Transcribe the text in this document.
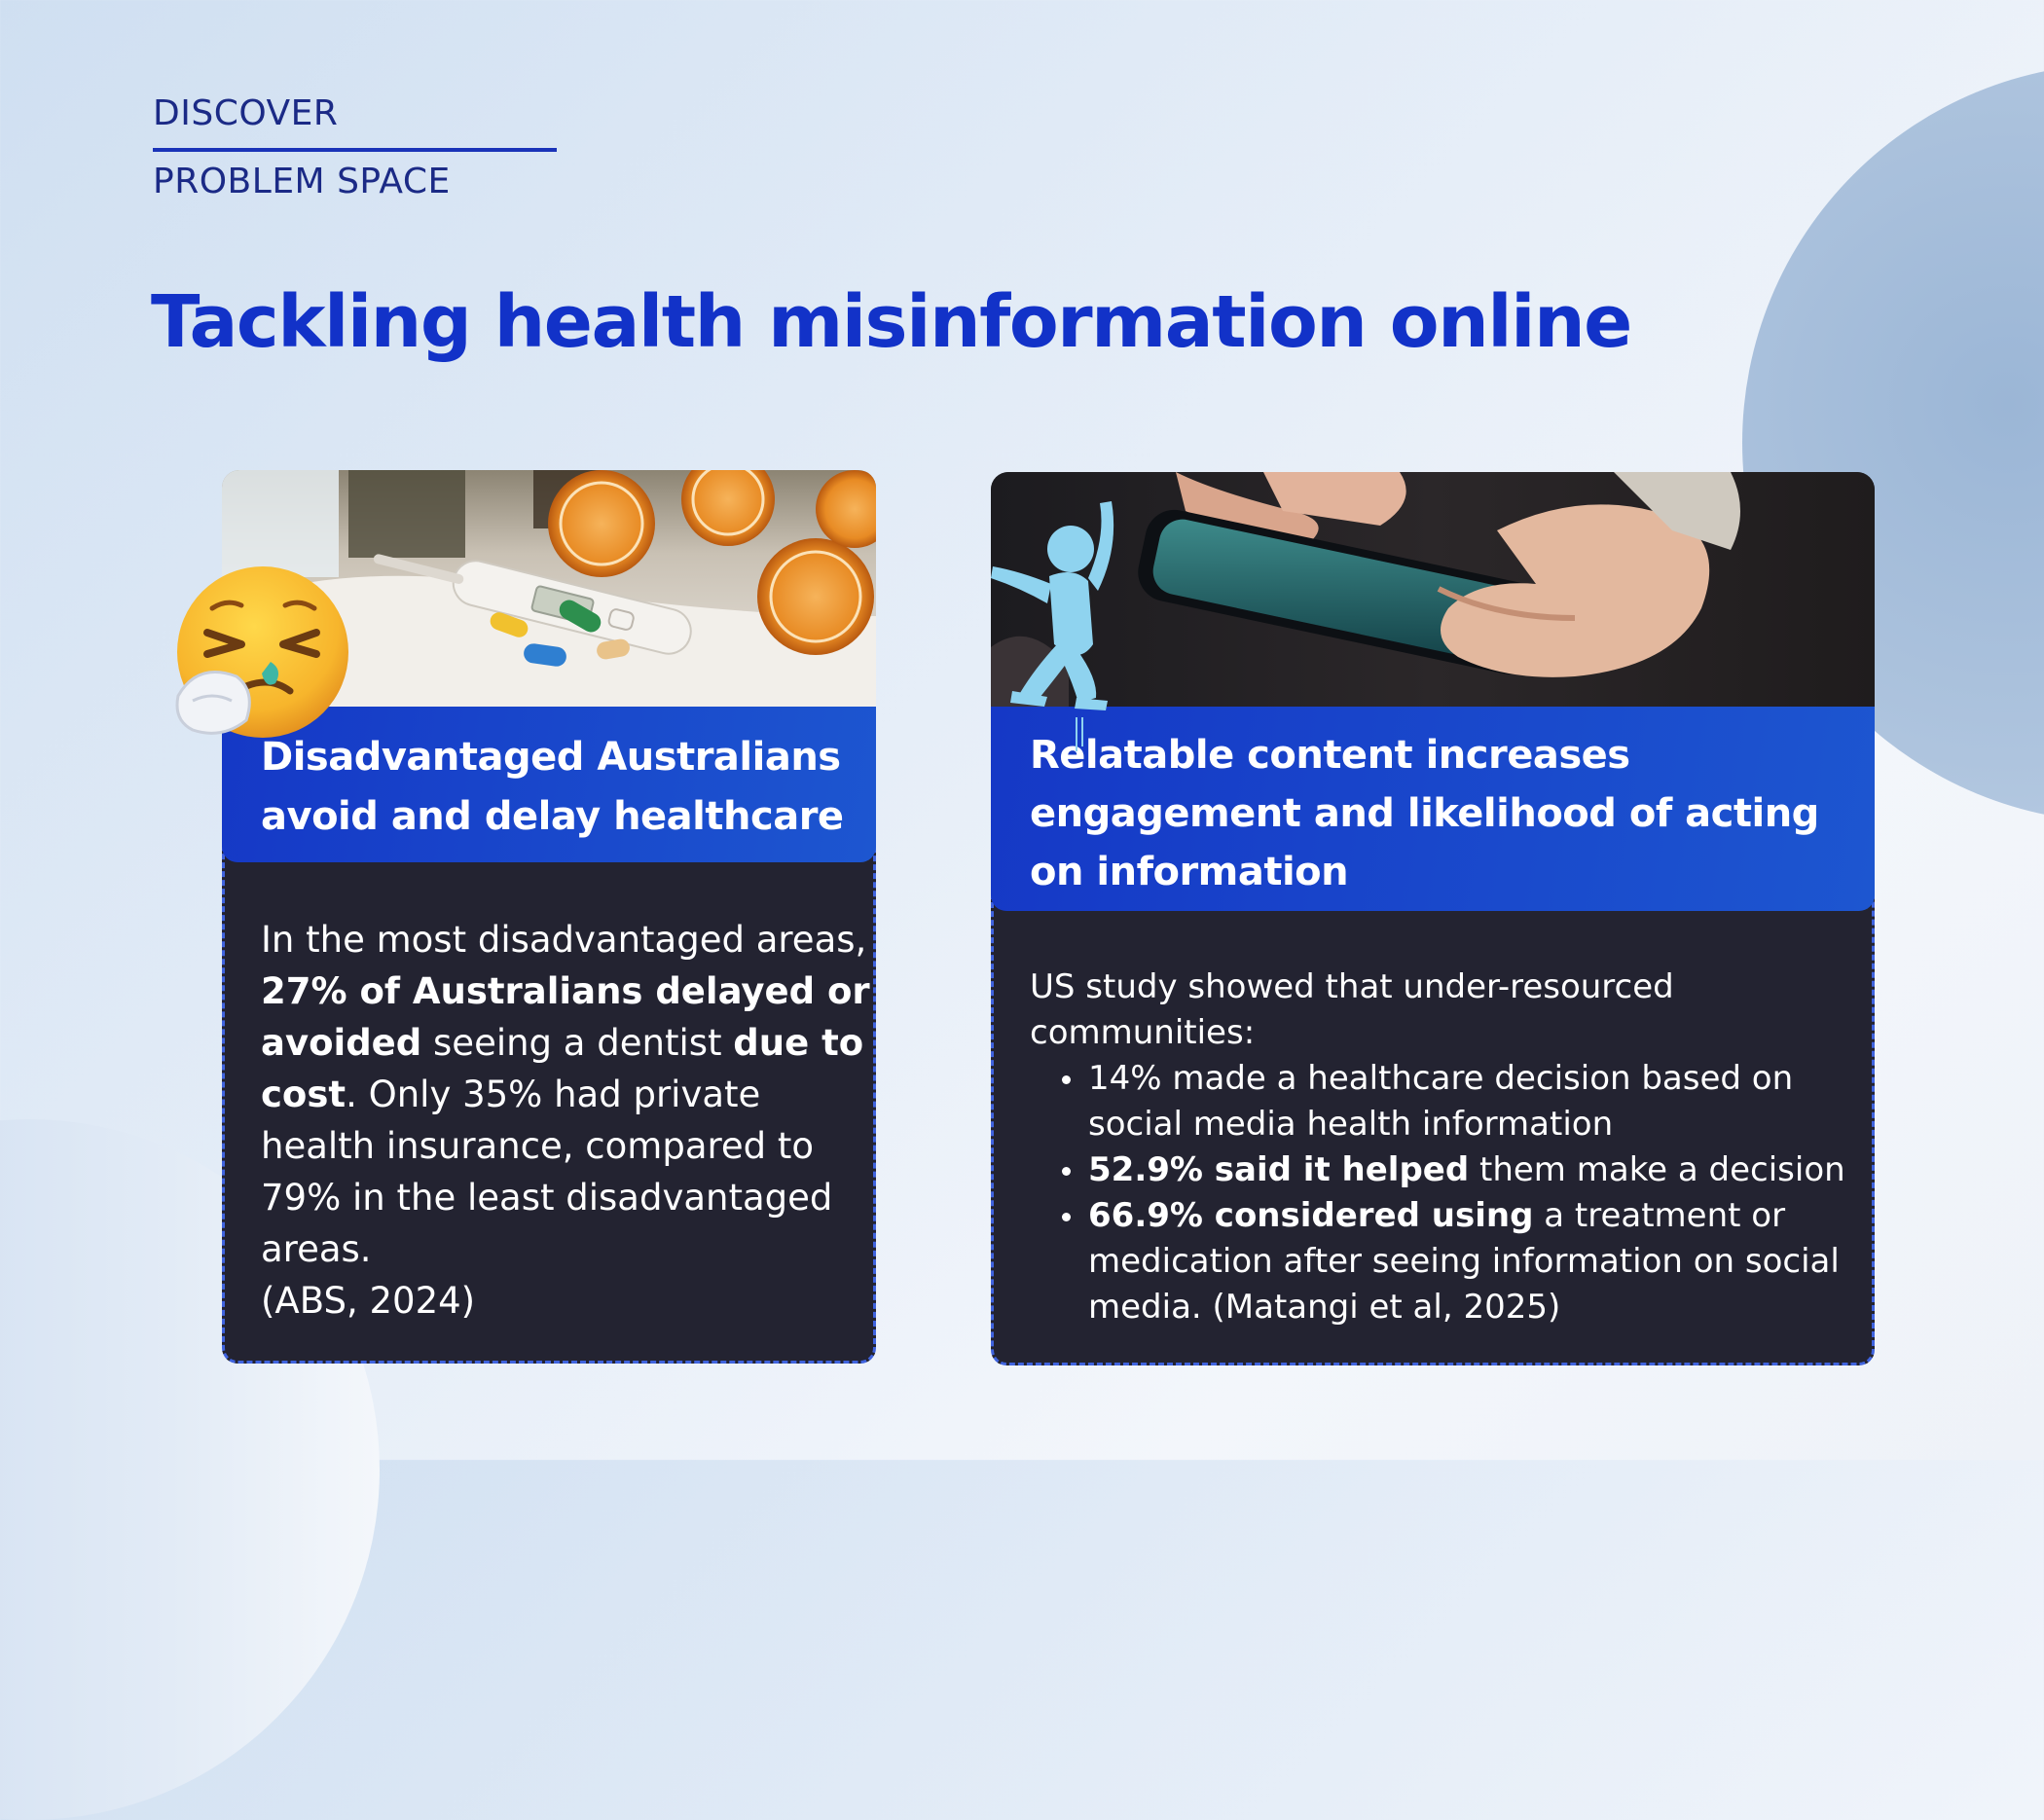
DISCOVER
PROBLEM SPACE
Tackling health misinformation online
Disadvantaged Australians avoid and delay healthcare
In the most disadvantaged areas, 27% of Australians delayed or avoided seeing a dentist due to cost. Only 35% had private health insurance, compared to 79% in the least disadvantaged areas.
(ABS, 2024)
Relatable content increases engagement and likelihood of acting on information
US study showed that under-resourced communities:
• 14% made a healthcare decision based on social media health information
• 52.9% said it helped them make a decision
• 66.9% considered using a treatment or medication after seeing information on social media. (Matangi et al, 2025)
